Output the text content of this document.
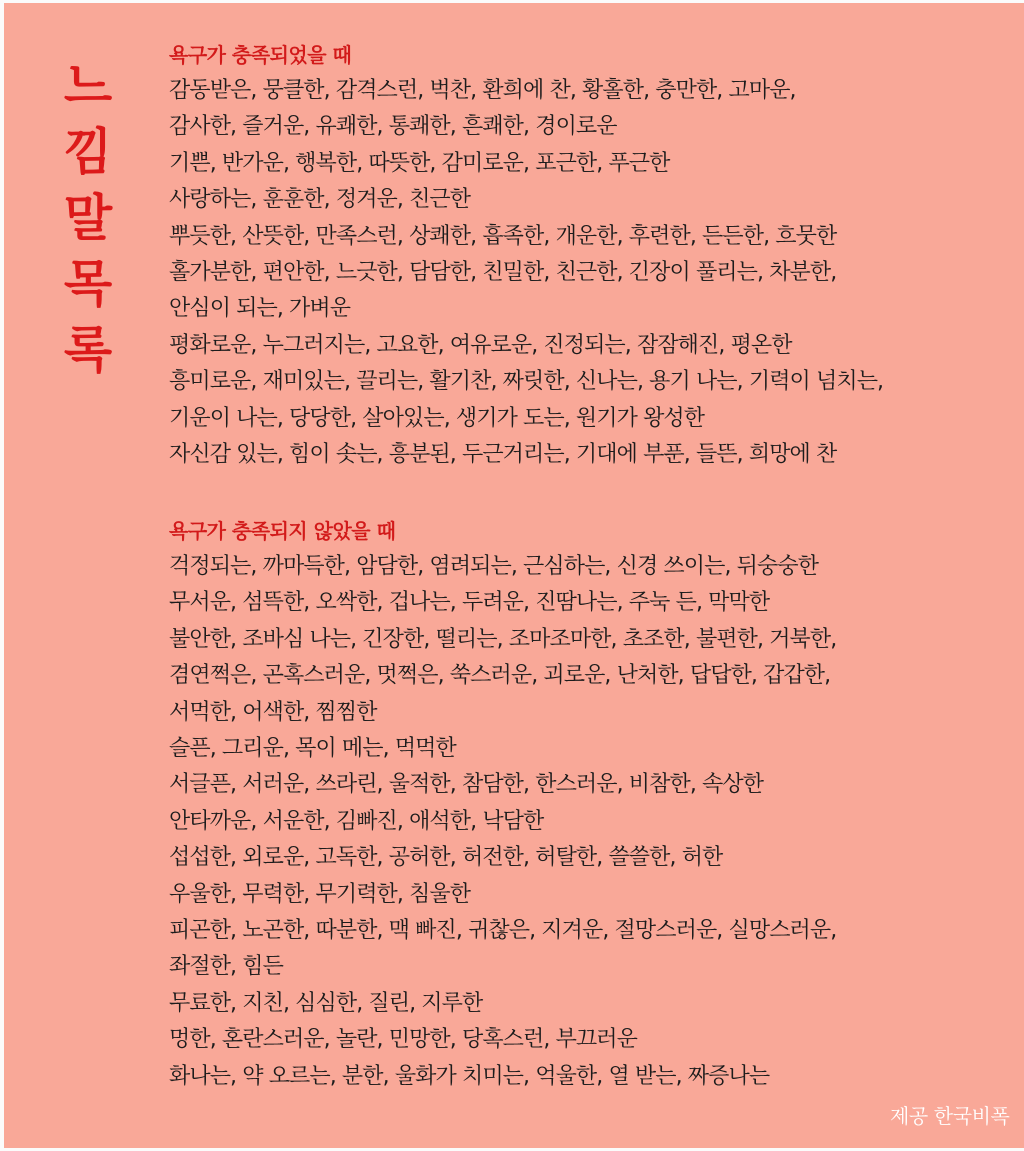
느낌말목록
욕구가 충족되었을 때
감동받은, 뭉클한, 감격스런, 벅찬, 환희에 찬, 황홀한, 충만한, 고마운,
감사한, 즐거운, 유쾌한, 통쾌한, 흔쾌한, 경이로운
기쁜, 반가운, 행복한, 따뜻한, 감미로운, 포근한, 푸근한
사랑하는, 훈훈한, 정겨운, 친근한
뿌듯한, 산뜻한, 만족스런, 상쾌한, 흡족한, 개운한, 후련한, 든든한, 흐뭇한
홀가분한, 편안한, 느긋한, 담담한, 친밀한, 친근한, 긴장이 풀리는, 차분한,
안심이 되는, 가벼운
평화로운, 누그러지는, 고요한, 여유로운, 진정되는, 잠잠해진, 평온한
흥미로운, 재미있는, 끌리는, 활기찬, 짜릿한, 신나는, 용기 나는, 기력이 넘치는,
기운이 나는, 당당한, 살아있는, 생기가 도는, 원기가 왕성한
자신감 있는, 힘이 솟는, 흥분된, 두근거리는, 기대에 부푼, 들뜬, 희망에 찬
욕구가 충족되지 않았을 때
걱정되는, 까마득한, 암담한, 염려되는, 근심하는, 신경 쓰이는, 뒤숭숭한
무서운, 섬뜩한, 오싹한, 겁나는, 두려운, 진땀나는, 주눅 든, 막막한
불안한, 조바심 나는, 긴장한, 떨리는, 조마조마한, 초조한, 불편한, 거북한,
겸연쩍은, 곤혹스러운, 멋쩍은, 쑥스러운, 괴로운, 난처한, 답답한, 갑갑한,
서먹한, 어색한, 찜찜한
슬픈, 그리운, 목이 메는, 먹먹한
서글픈, 서러운, 쓰라린, 울적한, 참담한, 한스러운, 비참한, 속상한
안타까운, 서운한, 김빠진, 애석한, 낙담한
섭섭한, 외로운, 고독한, 공허한, 허전한, 허탈한, 쓸쓸한, 허한
우울한, 무력한, 무기력한, 침울한
피곤한, 노곤한, 따분한, 맥 빠진, 귀찮은, 지겨운, 절망스러운, 실망스러운,
좌절한, 힘든
무료한, 지친, 심심한, 질린, 지루한
멍한, 혼란스러운, 놀란, 민망한, 당혹스런, 부끄러운
화나는, 약 오르는, 분한, 울화가 치미는, 억울한, 열 받는, 짜증나는
제공 한국비폭
